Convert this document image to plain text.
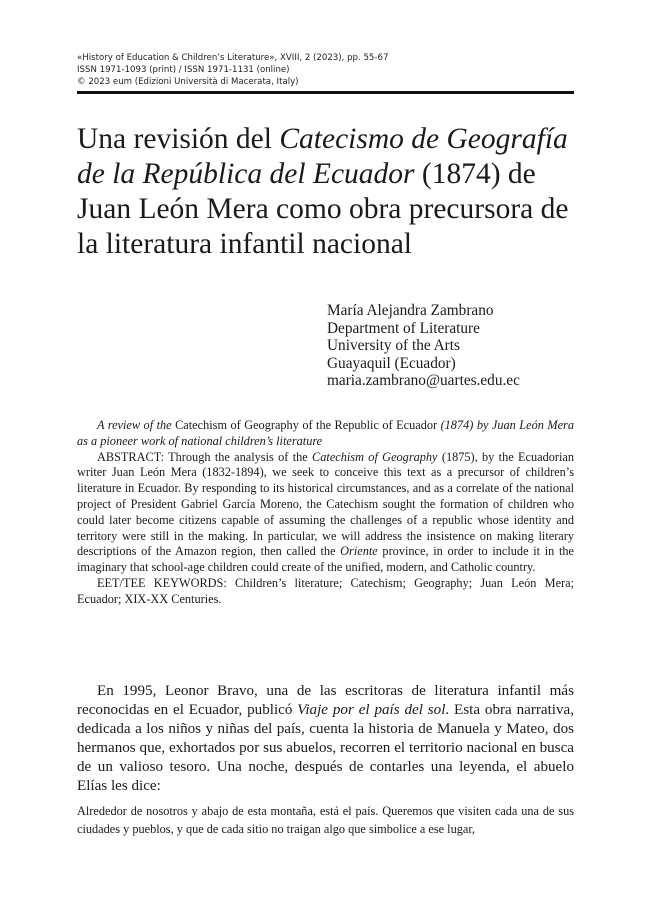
«History of Education & Children’s Literature», XVIII, 2 (2023), pp. 55-67
ISSN 1971-1093 (print) / ISSN 1971-1131 (online)
© 2023 eum (Edizioni Università di Macerata, Italy)
Una revisión del Catecismo de Geografía de la República del Ecuador (1874) de Juan León Mera como obra precursora de la literatura infantil nacional
María Alejandra Zambrano
Department of Literature
University of the Arts
Guayaquil (Ecuador)
maria.zambrano@uartes.edu.ec

A review of the Catechism of Geography of the Republic of Ecuador (1874) by Juan León Mera as a pioneer work of national children’s literature

ABSTRACT: Through the analysis of the Catechism of Geography (1875), by the Ecuadorian writer Juan León Mera (1832-1894), we seek to conceive this text as a precursor of children’s literature in Ecuador. By responding to its historical circumstances, and as a correlate of the national project of President Gabriel García Moreno, the Catechism sought the formation of children who could later become citizens capable of assuming the challenges of a republic whose identity and territory were still in the making. In particular, we will address the insistence on making literary descriptions of the Amazon region, then called the Oriente province, in order to include it in the imaginary that school-age children could create of the unified, modern, and Catholic country.

EET/TEE KEYWORDS: Children’s literature; Catechism; Geography; Juan León Mera; Ecuador; XIX-XX Centuries.

En 1995, Leonor Bravo, una de las escritoras de literatura infantil más reconocidas en el Ecuador, publicó Viaje por el país del sol. Esta obra narrativa, dedicada a los niños y niñas del país, cuenta la historia de Manuela y Mateo, dos hermanos que, exhortados por sus abuelos, recorren el territorio nacional en busca de un valioso tesoro. Una noche, después de contarles una leyenda, el abuelo Elías les dice:

Alrededor de nosotros y abajo de esta montaña, está el país. Queremos que visiten cada una de sus ciudades y pueblos, y que de cada sitio no traigan algo que simbolice a ese lugar,
